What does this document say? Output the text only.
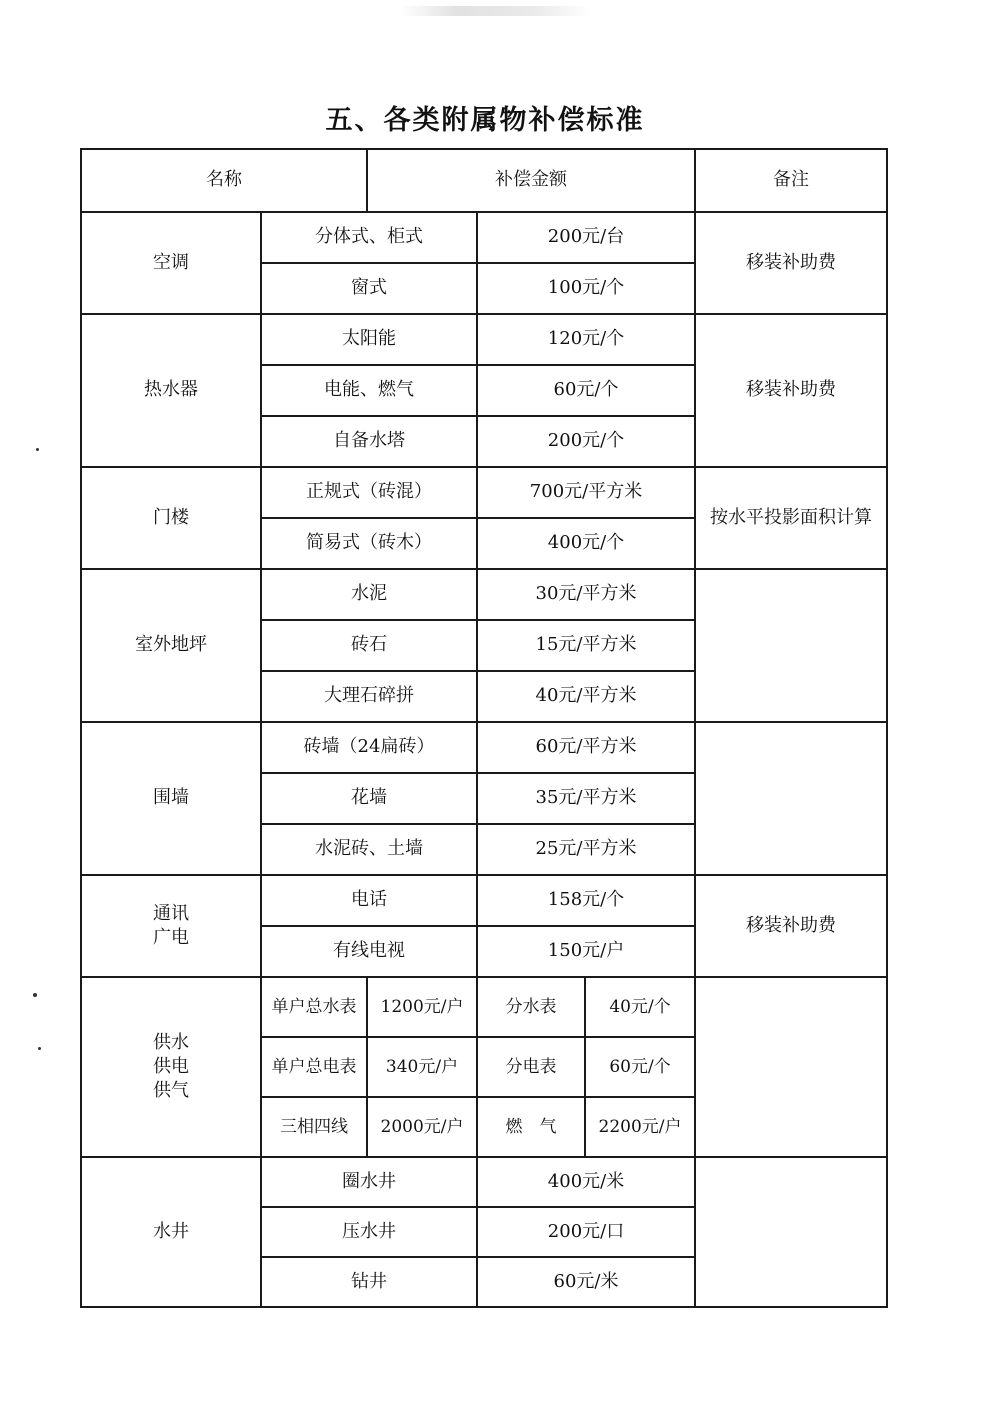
五、各类附属物补偿标准
名称		补偿金额			备注
空调	分体式、柜式		200元/台		移装补助费
	窗式		100元/个		
热水器	太阳能		120元/个		移装补助费
	电能、燃气		60元/个		
	自备水塔		200元/个		
门楼	正规式（砖混）		700元/平方米		按水平投影面积计算
	简易式（砖木）		400元/个		
室外地坪	水泥		30元/平方米		
	砖石		15元/平方米		
	大理石碎拼		40元/平方米		
围墙	砖墙（24扁砖）		60元/平方米		
	花墙		35元/平方米		
	水泥砖、土墙		25元/平方米		

通讯
广电	电话		158元/个		移装补助费
	有线电视		150元/户		

供水
供电
供气	单户总水表	1200元/户	分水表	40元/个	
	单户总电表	340元/户	分电表	60元/个	
	三相四线	2000元/户	燃　气	2200元/户	
水井	圈水井		400元/米		
	压水井		200元/口		
	钻井		60元/米		
